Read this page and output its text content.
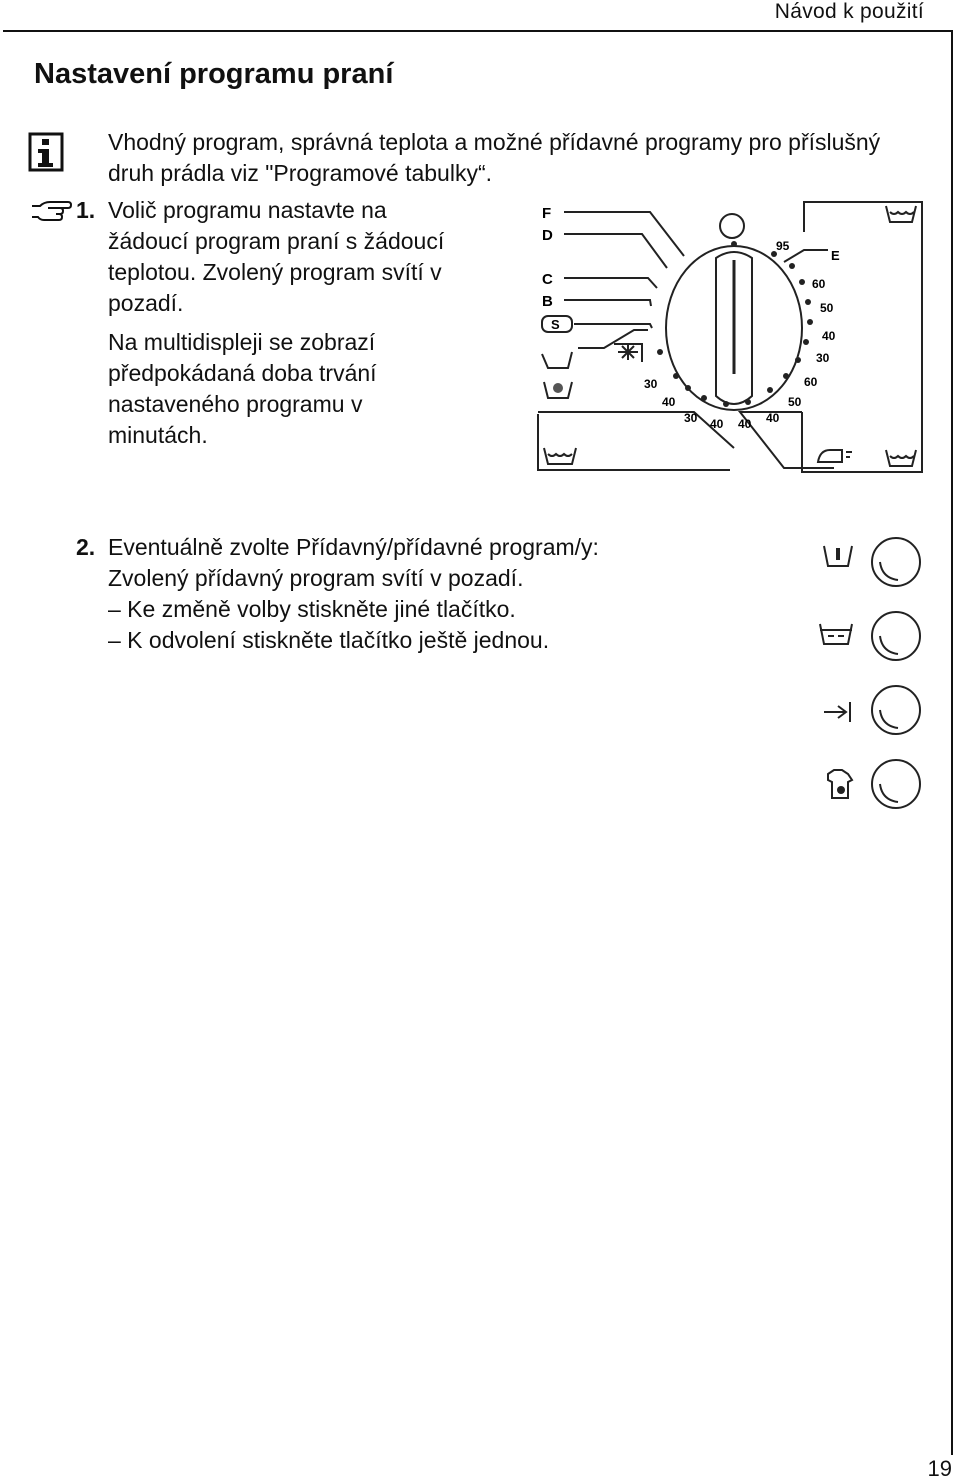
Návod k použití
Nastavení programu praní
Vhodný program, správná teplota a možné přídavné programy pro příslušný druh prádla viz "Programové tabulky“.
1. Volič programu nastavte na žádoucí program praní s žádoucí teplotou. Zvolený program svítí v pozadí.
Na multidispleji se zobrazí předpokádaná doba trvání nastaveného programu v minutách.
F
D
C
B
E
S
95
60
50
40
30
60
50
40
30
40
30 40 40
2. Eventuálně zvolte Přídavný/přídavné program/y:
Zvolený přídavný program svítí v pozadí.
– Ke změně volby stiskněte jiné tlačítko.
– K odvolení stiskněte tlačítko ještě jednou.
19
